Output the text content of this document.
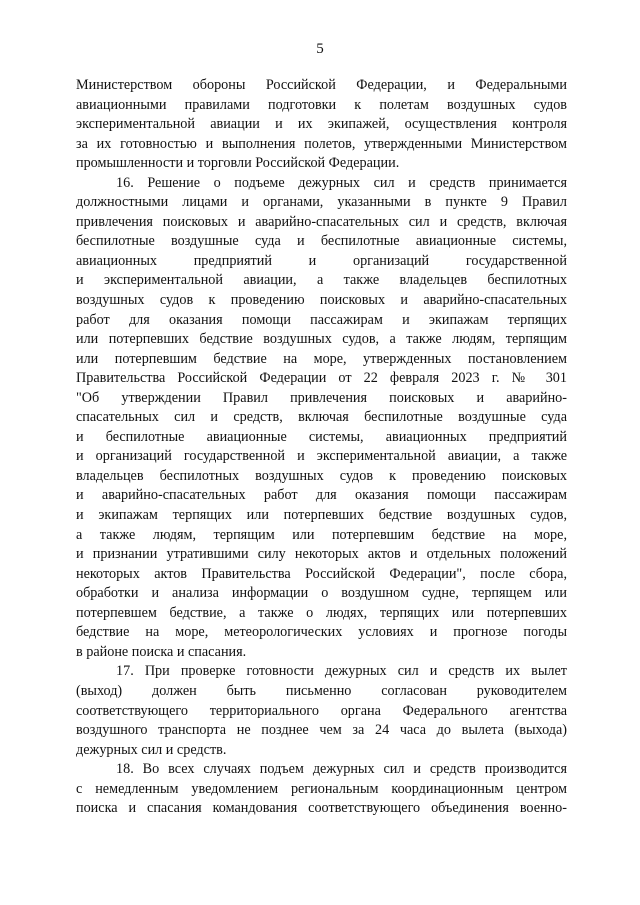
5
Министерством обороны Российской Федерации, и Федеральными
авиационными правилами подготовки к полетам воздушных судов
экспериментальной авиации и их экипажей, осуществления контроля
за их готовностью и выполнения полетов, утвержденными Министерством
промышленности и торговли Российской Федерации.
16. Решение о подъеме дежурных сил и средств принимается
должностными лицами и органами, указанными в пункте 9 Правил
привлечения поисковых и аварийно-спасательных сил и средств, включая
беспилотные воздушные суда и беспилотные авиационные системы,
авиационных предприятий и организаций государственной
и экспериментальной авиации, а также владельцев беспилотных
воздушных судов к проведению поисковых и аварийно-спасательных
работ для оказания помощи пассажирам и экипажам терпящих
или потерпевших бедствие воздушных судов, а также людям, терпящим
или потерпевшим бедствие на море, утвержденных постановлением
Правительства Российской Федерации от 22 февраля 2023 г. № 301
"Об утверждении Правил привлечения поисковых и аварийно-
спасательных сил и средств, включая беспилотные воздушные суда
и беспилотные авиационные системы, авиационных предприятий
и организаций государственной и экспериментальной авиации, а также
владельцев беспилотных воздушных судов к проведению поисковых
и аварийно-спасательных работ для оказания помощи пассажирам
и экипажам терпящих или потерпевших бедствие воздушных судов,
а также людям, терпящим или потерпевшим бедствие на море,
и признании утратившими силу некоторых актов и отдельных положений
некоторых актов Правительства Российской Федерации", после сбора,
обработки и анализа информации о воздушном судне, терпящем или
потерпевшем бедствие, а также о людях, терпящих или потерпевших
бедствие на море, метеорологических условиях и прогнозе погоды
в районе поиска и спасания.
17. При проверке готовности дежурных сил и средств их вылет
(выход) должен быть письменно согласован руководителем
соответствующего территориального органа Федерального агентства
воздушного транспорта не позднее чем за 24 часа до вылета (выхода)
дежурных сил и средств.
18. Во всех случаях подъем дежурных сил и средств производится
с немедленным уведомлением региональным координационным центром
поиска и спасания командования соответствующего объединения военно-
